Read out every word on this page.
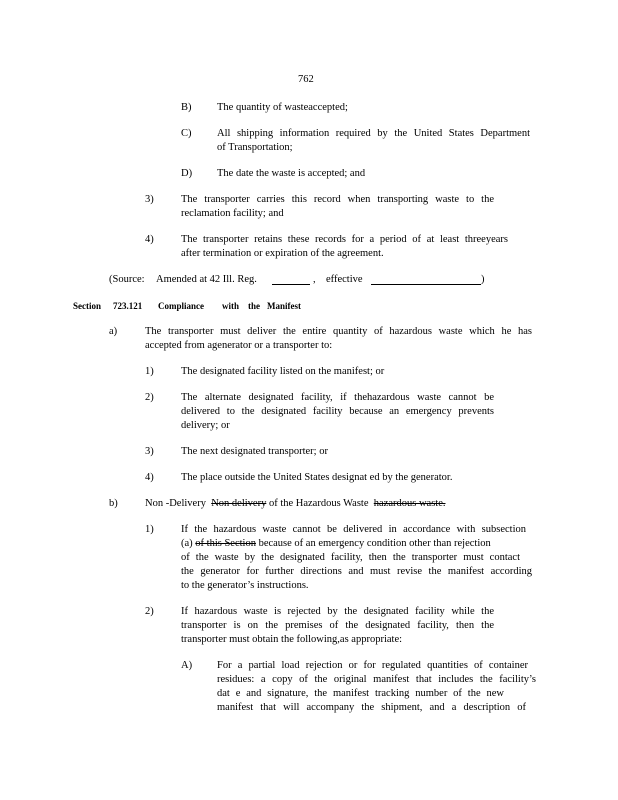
762
B) The quantity of wasteaccepted;
C) All shipping information required by the United States Department
of Transportation;
D) The date the waste is accepted; and
3)	The transporter carries this record when transporting waste to the
reclamation facility; and
4)	The transporter retains these records for a period of at least threeyears
after termination or expiration of the agreement.
(Source: Amended at 42 Ill. Reg.	, effective	)
Section 723.121 Compliance with the Manifest
a)	The transporter must deliver the entire quantity of hazardous waste which he has
accepted from agenerator or a transporter to:
1)	The designated facility listed on the manifest; or
2)	The alternate designated facility, if thehazardous waste cannot be
delivered to the designated facility because an emergency prevents
delivery; or
3)	The next designated transporter; or
4)	The place outside the United States designat ed by the generator.
b)	Non -Delivery Non delivery of the Hazardous Waste hazardous waste.
1)	If the hazardous waste cannot be delivered in accordance with subsection
(a) of this Section because of an emergency condition other than rejection
of the waste by the designated facility, then the transporter must contact
the generator for further directions and must revise the manifest according
to the generator’s instructions.
2)	If hazardous waste is rejected by the designated facility while the
transporter is on the premises of the designated facility, then the
transporter must obtain the following,as appropriate:
A) For a partial load rejection or for regulated quantities of container
residues: a copy of the original manifest that includes the facility’s
dat e and signature, the manifest tracking number of the new
manifest that will accompany the shipment, and a description of
